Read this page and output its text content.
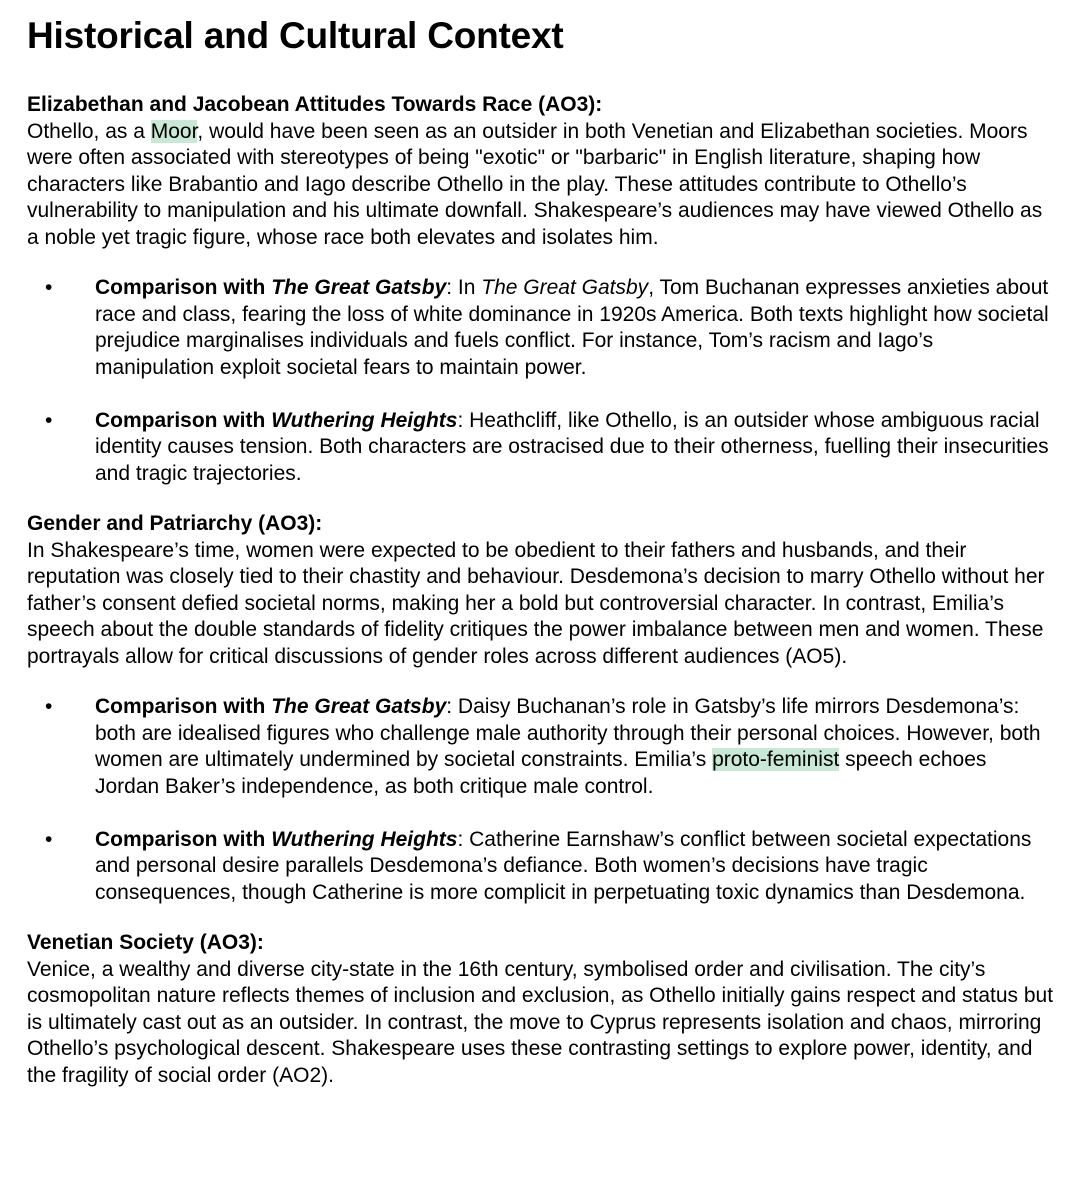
Historical and Cultural Context

Elizabethan and Jacobean Attitudes Towards Race (AO3):

Othello, as a Moor, would have been seen as an outsider in both Venetian and Elizabethan societies. Moors were often associated with stereotypes of being "exotic" or "barbaric" in English literature, shaping how characters like Brabantio and Iago describe Othello in the play. These attitudes contribute to Othello’s vulnerability to manipulation and his ultimate downfall. Shakespeare’s audiences may have viewed Othello as a noble yet tragic figure, whose race both elevates and isolates him.

• Comparison with The Great Gatsby: In The Great Gatsby, Tom Buchanan expresses anxieties about race and class, fearing the loss of white dominance in 1920s America. Both texts highlight how societal prejudice marginalises individuals and fuels conflict. For instance, Tom’s racism and Iago’s manipulation exploit societal fears to maintain power.
• Comparison with Wuthering Heights: Heathcliff, like Othello, is an outsider whose ambiguous racial identity causes tension. Both characters are ostracised due to their otherness, fuelling their insecurities and tragic trajectories.

Gender and Patriarchy (AO3):

In Shakespeare’s time, women were expected to be obedient to their fathers and husbands, and their reputation was closely tied to their chastity and behaviour. Desdemona’s decision to marry Othello without her father’s consent defied societal norms, making her a bold but controversial character. In contrast, Emilia’s speech about the double standards of fidelity critiques the power imbalance between men and women. These portrayals allow for critical discussions of gender roles across different audiences (AO5).

• Comparison with The Great Gatsby: Daisy Buchanan’s role in Gatsby’s life mirrors Desdemona’s: both are idealised figures who challenge male authority through their personal choices. However, both women are ultimately undermined by societal constraints. Emilia’s proto-feminist speech echoes Jordan Baker’s independence, as both critique male control.
• Comparison with Wuthering Heights: Catherine Earnshaw’s conflict between societal expectations and personal desire parallels Desdemona’s defiance. Both women’s decisions have tragic consequences, though Catherine is more complicit in perpetuating toxic dynamics than Desdemona.

Venetian Society (AO3):

Venice, a wealthy and diverse city-state in the 16th century, symbolised order and civilisation. The city’s cosmopolitan nature reflects themes of inclusion and exclusion, as Othello initially gains respect and status but is ultimately cast out as an outsider. In contrast, the move to Cyprus represents isolation and chaos, mirroring Othello’s psychological descent. Shakespeare uses these contrasting settings to explore power, identity, and the fragility of social order (AO2).
